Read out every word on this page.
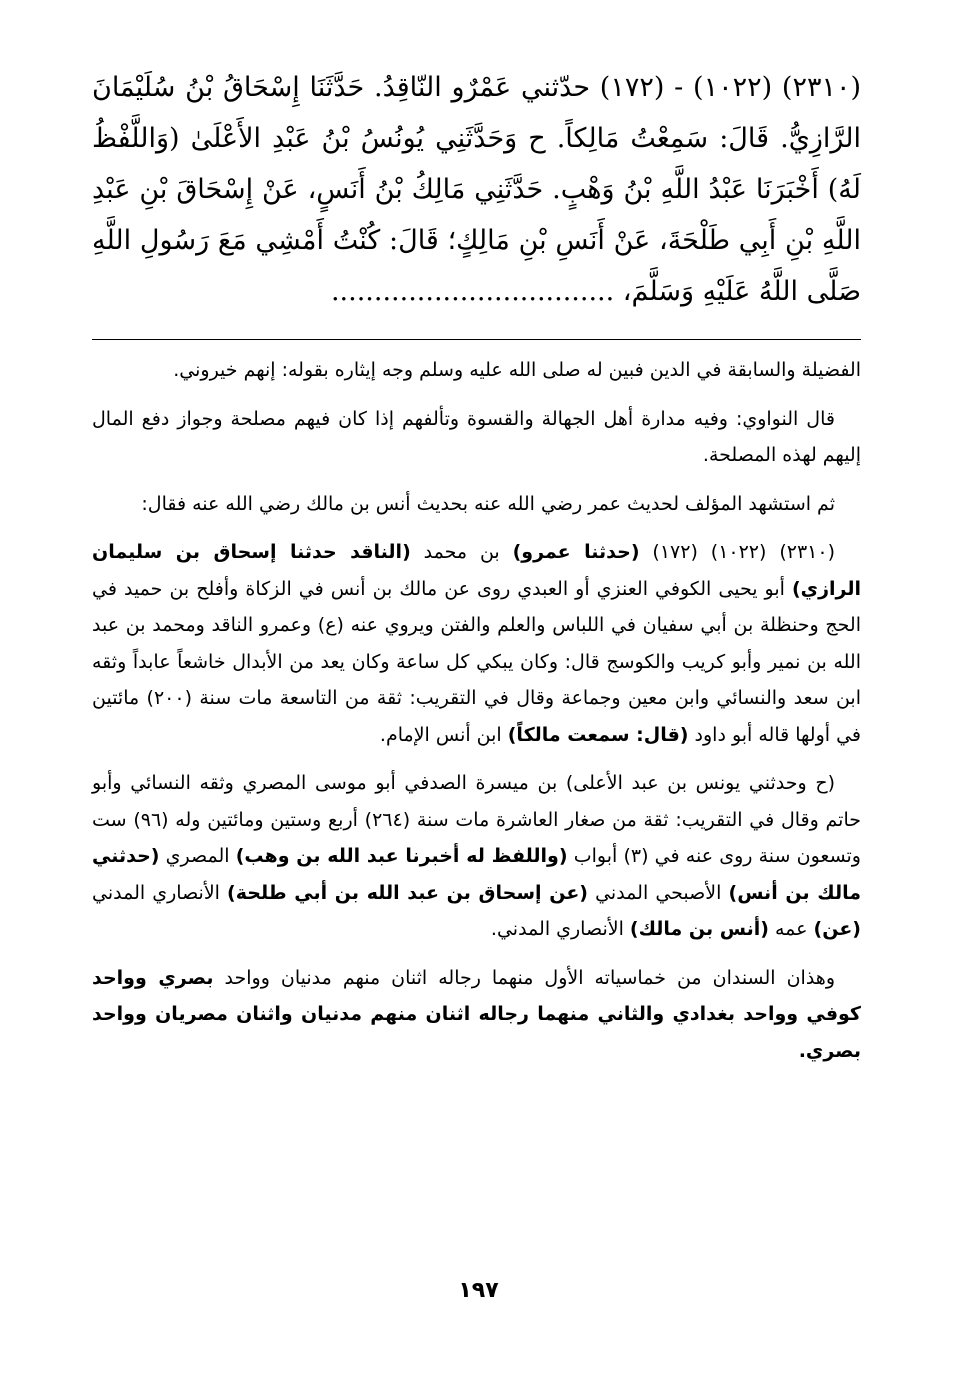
(٢٣١٠) (١٠٢٢) - (١٧٢) حدّثني عَمْرٌو النّاقِدُ. حَدَّثَنَا إِسْحَاقُ بْنُ سُلَيْمَانَ الرَّازِيُّ. قَالَ: سَمِعْتُ مَالِكاً. ح وَحَدَّثَنِي يُونُسُ بْنُ عَبْدِ الأَعْلَىٰ (وَاللَّفْظُ لَهُ) أَخْبَرَنَا عَبْدُ اللَّهِ بْنُ وَهْبٍ. حَدَّثَنِي مَالِكُ بْنُ أَنَسٍ، عَنْ إِسْحَاقَ بْنِ عَبْدِ اللَّهِ بْنِ أَبِي طَلْحَةَ، عَنْ أَنَسِ بْنِ مَالِكٍ؛ قَالَ: كُنْتُ أَمْشِي مَعَ رَسُولِ اللَّهِ صَلَّى اللَّهُ عَلَيْهِ وَسَلَّمَ، .................................

الفضيلة والسابقة في الدين فبين له صلى الله عليه وسلم وجه إيثاره بقوله: إنهم خيروني.

قال النواوي: وفيه مدارة أهل الجهالة والقسوة وتألفهم إذا كان فيهم مصلحة وجواز دفع المال إليهم لهذه المصلحة.

ثم استشهد المؤلف لحديث عمر رضي الله عنه بحديث أنس بن مالك رضي الله عنه فقال:

(٢٣١٠) (١٠٢٢) (١٧٢) (حدثنا عمرو) بن محمد (الناقد حدثنا إسحاق بن سليمان الرازي) أبو يحيى الكوفي العنزي أو العبدي روى عن مالك بن أنس في الزكاة وأفلح بن حميد في الحج وحنظلة بن أبي سفيان في اللباس والعلم والفتن ويروي عنه (ع) وعمرو الناقد ومحمد بن عبد الله بن نمير وأبو كريب والكوسج قال: وكان يبكي كل ساعة وكان يعد من الأبدال خاشعاً عابداً وثقه ابن سعد والنسائي وابن معين وجماعة وقال في التقريب: ثقة من التاسعة مات سنة (٢٠٠) مائتين في أولها قاله أبو داود (قال: سمعت مالكاً) ابن أنس الإمام.

(ح وحدثني يونس بن عبد الأعلى) بن ميسرة الصدفي أبو موسى المصري وثقه النسائي وأبو حاتم وقال في التقريب: ثقة من صغار العاشرة مات سنة (٢٦٤) أربع وستين ومائتين وله (٩٦) ست وتسعون سنة روى عنه في (٣) أبواب (واللفظ له أخبرنا عبد الله بن وهب) المصري (حدثني مالك بن أنس) الأصبحي المدني (عن إسحاق بن عبد الله بن أبي طلحة) الأنصاري المدني (عن) عمه (أنس بن مالك) الأنصاري المدني.

وهذان السندان من خماسياته الأول منهما رجاله اثنان منهم مدنيان وواحد بصري وواحد كوفي وواحد بغدادي والثاني منهما رجاله اثنان منهم مدنيان واثنان مصريان وواحد بصري.

١٩٧
